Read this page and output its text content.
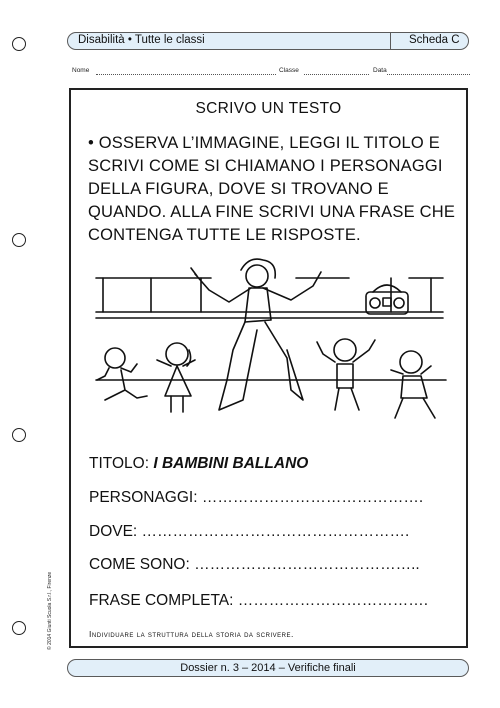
Disabilità • Tutte le classi	Scheda C
Nome	Classe	Data
SCRIVO UN TESTO
• OSSERVA L’IMMAGINE, LEGGI IL TITOLO E SCRIVI COME SI CHIAMANO I PERSONAGGI DELLA FIGURA, DOVE SI TROVANO E QUANDO. ALLA FINE SCRIVI UNA FRASE CHE CONTENGA TUTTE LE RISPOSTE.
TITOLO: I BAMBINI BALLANO
PERSONAGGI: …………………………………….
DOVE: …………………………………………….
COME SONO: ……………………………………..
FRASE COMPLETA: ……………………………….
Individuare la struttura della storia da scrivere.
© 2014 Giunti Scuola S.r.l., Firenze
Dossier n. 3 – 2014 – Verifiche finali
